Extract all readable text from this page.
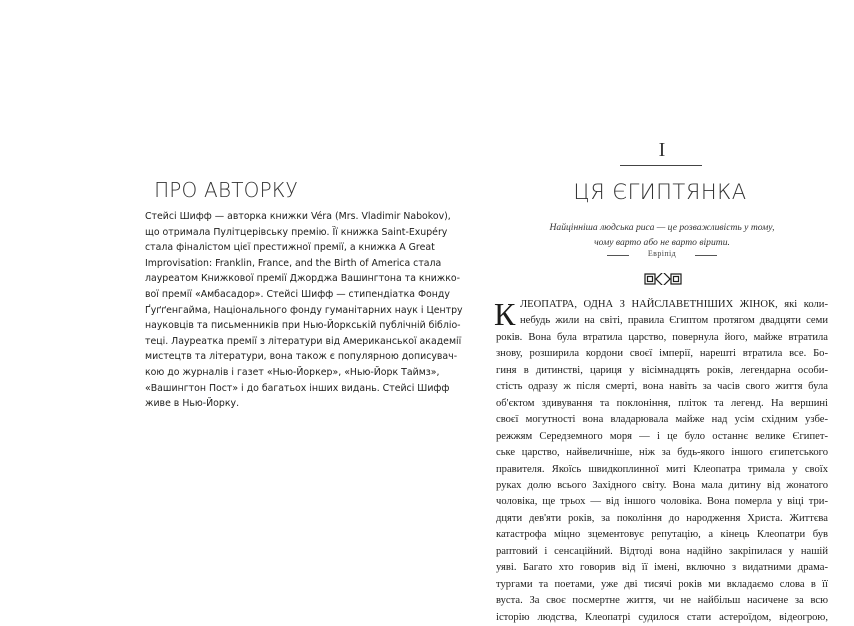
ПРО АВТОРКУ

Стейсі Шифф — авторка книжки Véra (Mrs. Vladimir Nabokov),
що отримала Пулітцерівську премію. Її книжка Saint-Exupéry
стала фіналістом цієї престижної премії, а книжка A Great
Improvisation: Franklin, France, and the Birth of America стала
лауреатом Книжкової премії Джорджа Вашингтона та книжко-
вої премії «Амбасадор». Стейсі Шифф — стипендіатка Фонду
Ґуґґенгайма, Національного фонду гуманітарних наук і Центру
науковців та письменників при Нью-Йоркській публічній бібліо-
теці. Лауреатка премії з літератури від Американської академії
мистецтв та літератури, вона також є популярною дописувач-
кою до журналів і газет «Нью-Йоркер», «Нью-Йорк Таймз»,
«Вашингтон Пост» і до багатьох інших видань. Стейсі Шифф
живе в Нью-Йорку.

I
ЦЯ ЄГИПТЯНКА

Найцінніша людська риса — це розважливість у тому,
чому варто або не варто вірити.

Евріпід
К ЛЕОПАТРА, ОДНА З НАЙСЛАВЕТНІШИХ ЖІНОК, які коли-
небудь жили на світі, правила Єгиптом протягом двадцяти семи
років. Вона була втратила царство, повернула його, майже втратила
знову, розширила кордони своєї імперії, нарешті втратила все. Бо-
гиня в дитинстві, цариця у вісімнадцять років, легендарна особи-
стість одразу ж після смерті, вона навіть за часів свого життя була
об'єктом здивування та поклоніння, пліток та легенд. На вершині
своєї могутності вона владарювала майже над усім східним узбе-
режжям Середземного моря — і це було останнє велике Єгипет-
ське царство, найвеличніше, ніж за будь-якого іншого єгипетського
правителя. Якоїсь швидкоплинної миті Клеопатра тримала у своїх
руках долю всього Західного світу. Вона мала дитину від жонатого
чоловіка, ще трьох — від іншого чоловіка. Вона померла у віці три-
дцяти дев'яти років, за покоління до народження Христа. Життєва
катастрофа міцно зцементовує репутацію, а кінець Клеопатри був
раптовий і сенсаційний. Відтоді вона надійно закріпилася у нашій
уяві. Багато хто говорив від її імені, включно з видатними драма-
тургами та поетами, уже дві тисячі років ми вкладаємо слова в її
вуста. За своє посмертне життя, чи не найбільш насичене за всю
історію людства, Клеопатрі судилося стати астероїдом, відеогрою,
